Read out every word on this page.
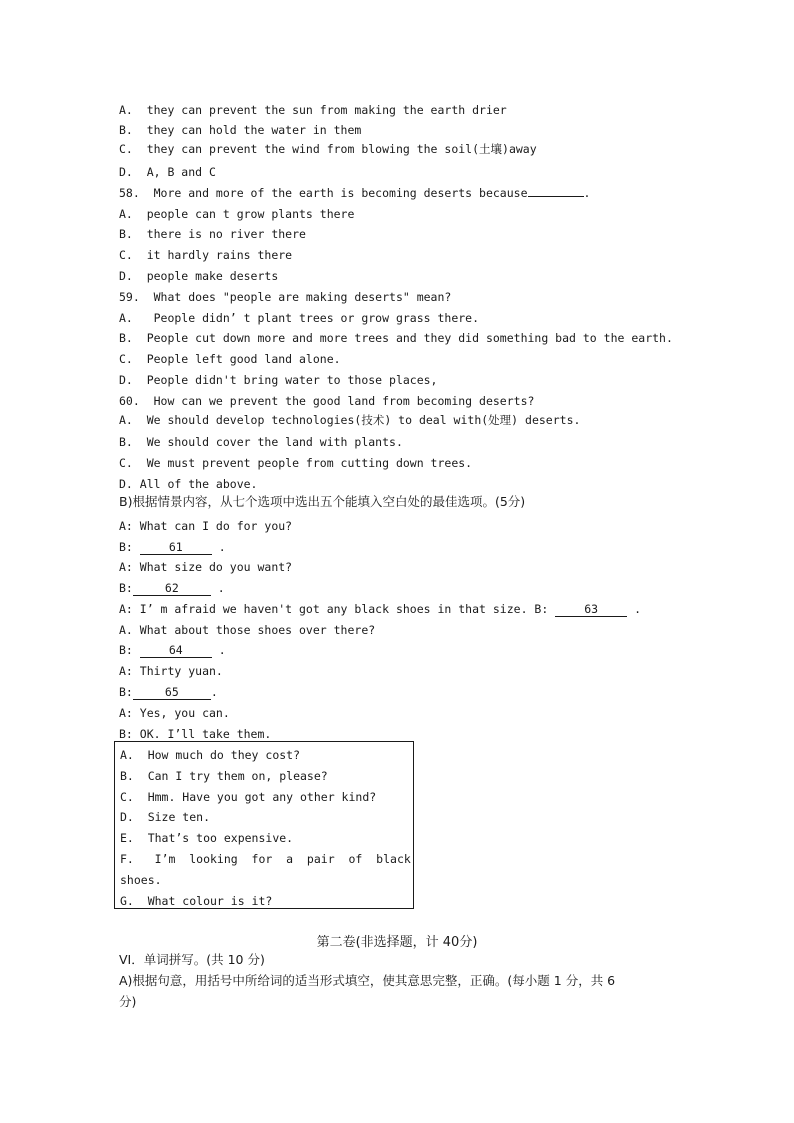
A.  they can prevent the sun from making the earth drier
B.  they can hold the water in them
C.  they can prevent the wind from blowing the soil(土壤)away
D.  A, B and C
58.  More and more of the earth is becoming deserts because	.
A.  people can t grow plants there
B.  there is no river there
C.  it hardly rains there
D.  people make deserts
59.  What does "people are making deserts" mean?
A.   People didn’ t plant trees or grow grass there.
B.  People cut down more and more trees and they did something bad to the earth.
C.  People left good land alone.
D.  People didn't bring water to those places,
60.  How can we prevent the good land from becoming deserts?
A.  We should develop technologies(技术) to deal with(处理) deserts.
B.  We should cover the land with plants.
C.  We must prevent people from cutting down trees.
D. All of the above.
B)根据情景内容，从七个选项中选出五个能填入空白处的最佳选项。(5分)
A: What can I do for you?
B:	61	.
A: What size do you want?
B:	62	.
A: I’ m afraid we haven't got any black shoes in that size. B:	63	.
A. What about those shoes over there?
B:	64	.
A: Thirty yuan.
B:	65	.
A: Yes, you can.
B: OK. I’ll take them.
A.  How much do they cost?
B.  Can I try them on, please?
C.  Hmm. Have you got any other kind?
D.  Size ten.
E.  That’s too expensive.
F.   I’m  looking  for  a  pair  of  black
shoes.
G.  What colour is it?
第二卷(非选择题，计 40分)
VI．单词拼写。(共 10 分)
A)根据句意，用括号中所给词的适当形式填空，使其意思完整，正确。(每小题 1 分，共 6
分)
